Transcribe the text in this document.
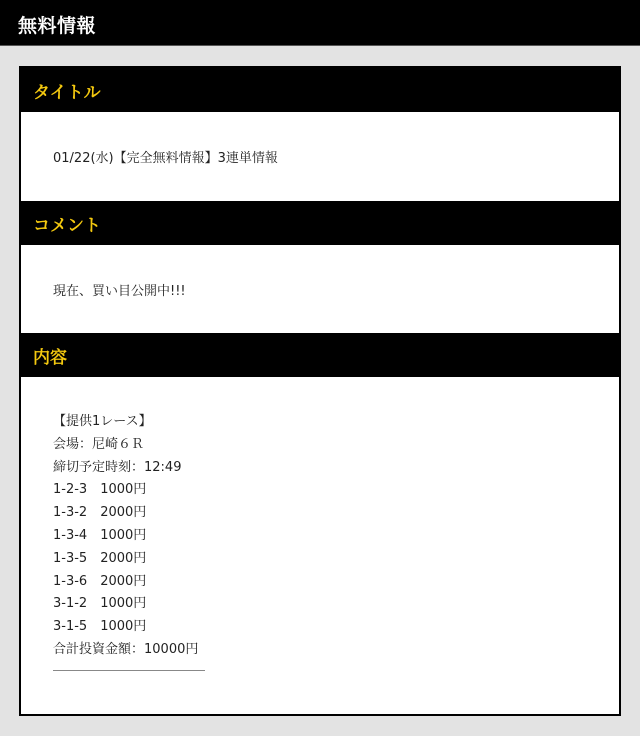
無料情報
タイトル
01/22(水)【完全無料情報】3連単情報
コメント
現在、買い目公開中!!!
内容
【提供1レース】
会場：尼崎６Ｒ
締切予定時刻：12:49
1-2-3　1000円
1-3-2　2000円
1-3-4　1000円
1-3-5　2000円
1-3-6　2000円
3-1-2　1000円
3-1-5　1000円
合計投資金額：10000円
